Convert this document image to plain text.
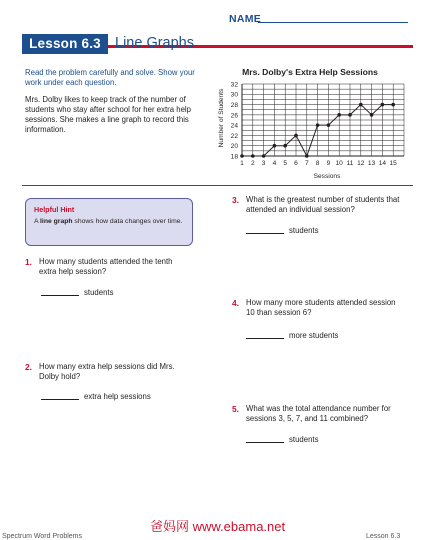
NAME
Lesson 6.3 Line Graphs
Read the problem carefully and solve. Show your work under each question.
Mrs. Dolby likes to keep track of the number of students who stay after school for her extra help sessions. She makes a line graph to record this information.
Mrs. Dolby's Extra Help Sessions
18
20
22
24
26
28
30
32
1 2 3 4 5 6 7 8 9 10 11 12 13 14 15
Number of Students
Sessions
Helpful Hint
A line graph shows how data changes over time.
1. How many students attended the tenth extra help session?
students
2. How many extra help sessions did Mrs. Dolby hold?
extra help sessions
3. What is the greatest number of students that attended an individual session?
students
4. How many more students attended session 10 than session 6?
more students
5. What was the total attendance number for sessions 3, 5, 7, and 11 combined?
students
爸妈网 www.ebama.net
Spectrum Word Problems	Lesson 6.3
